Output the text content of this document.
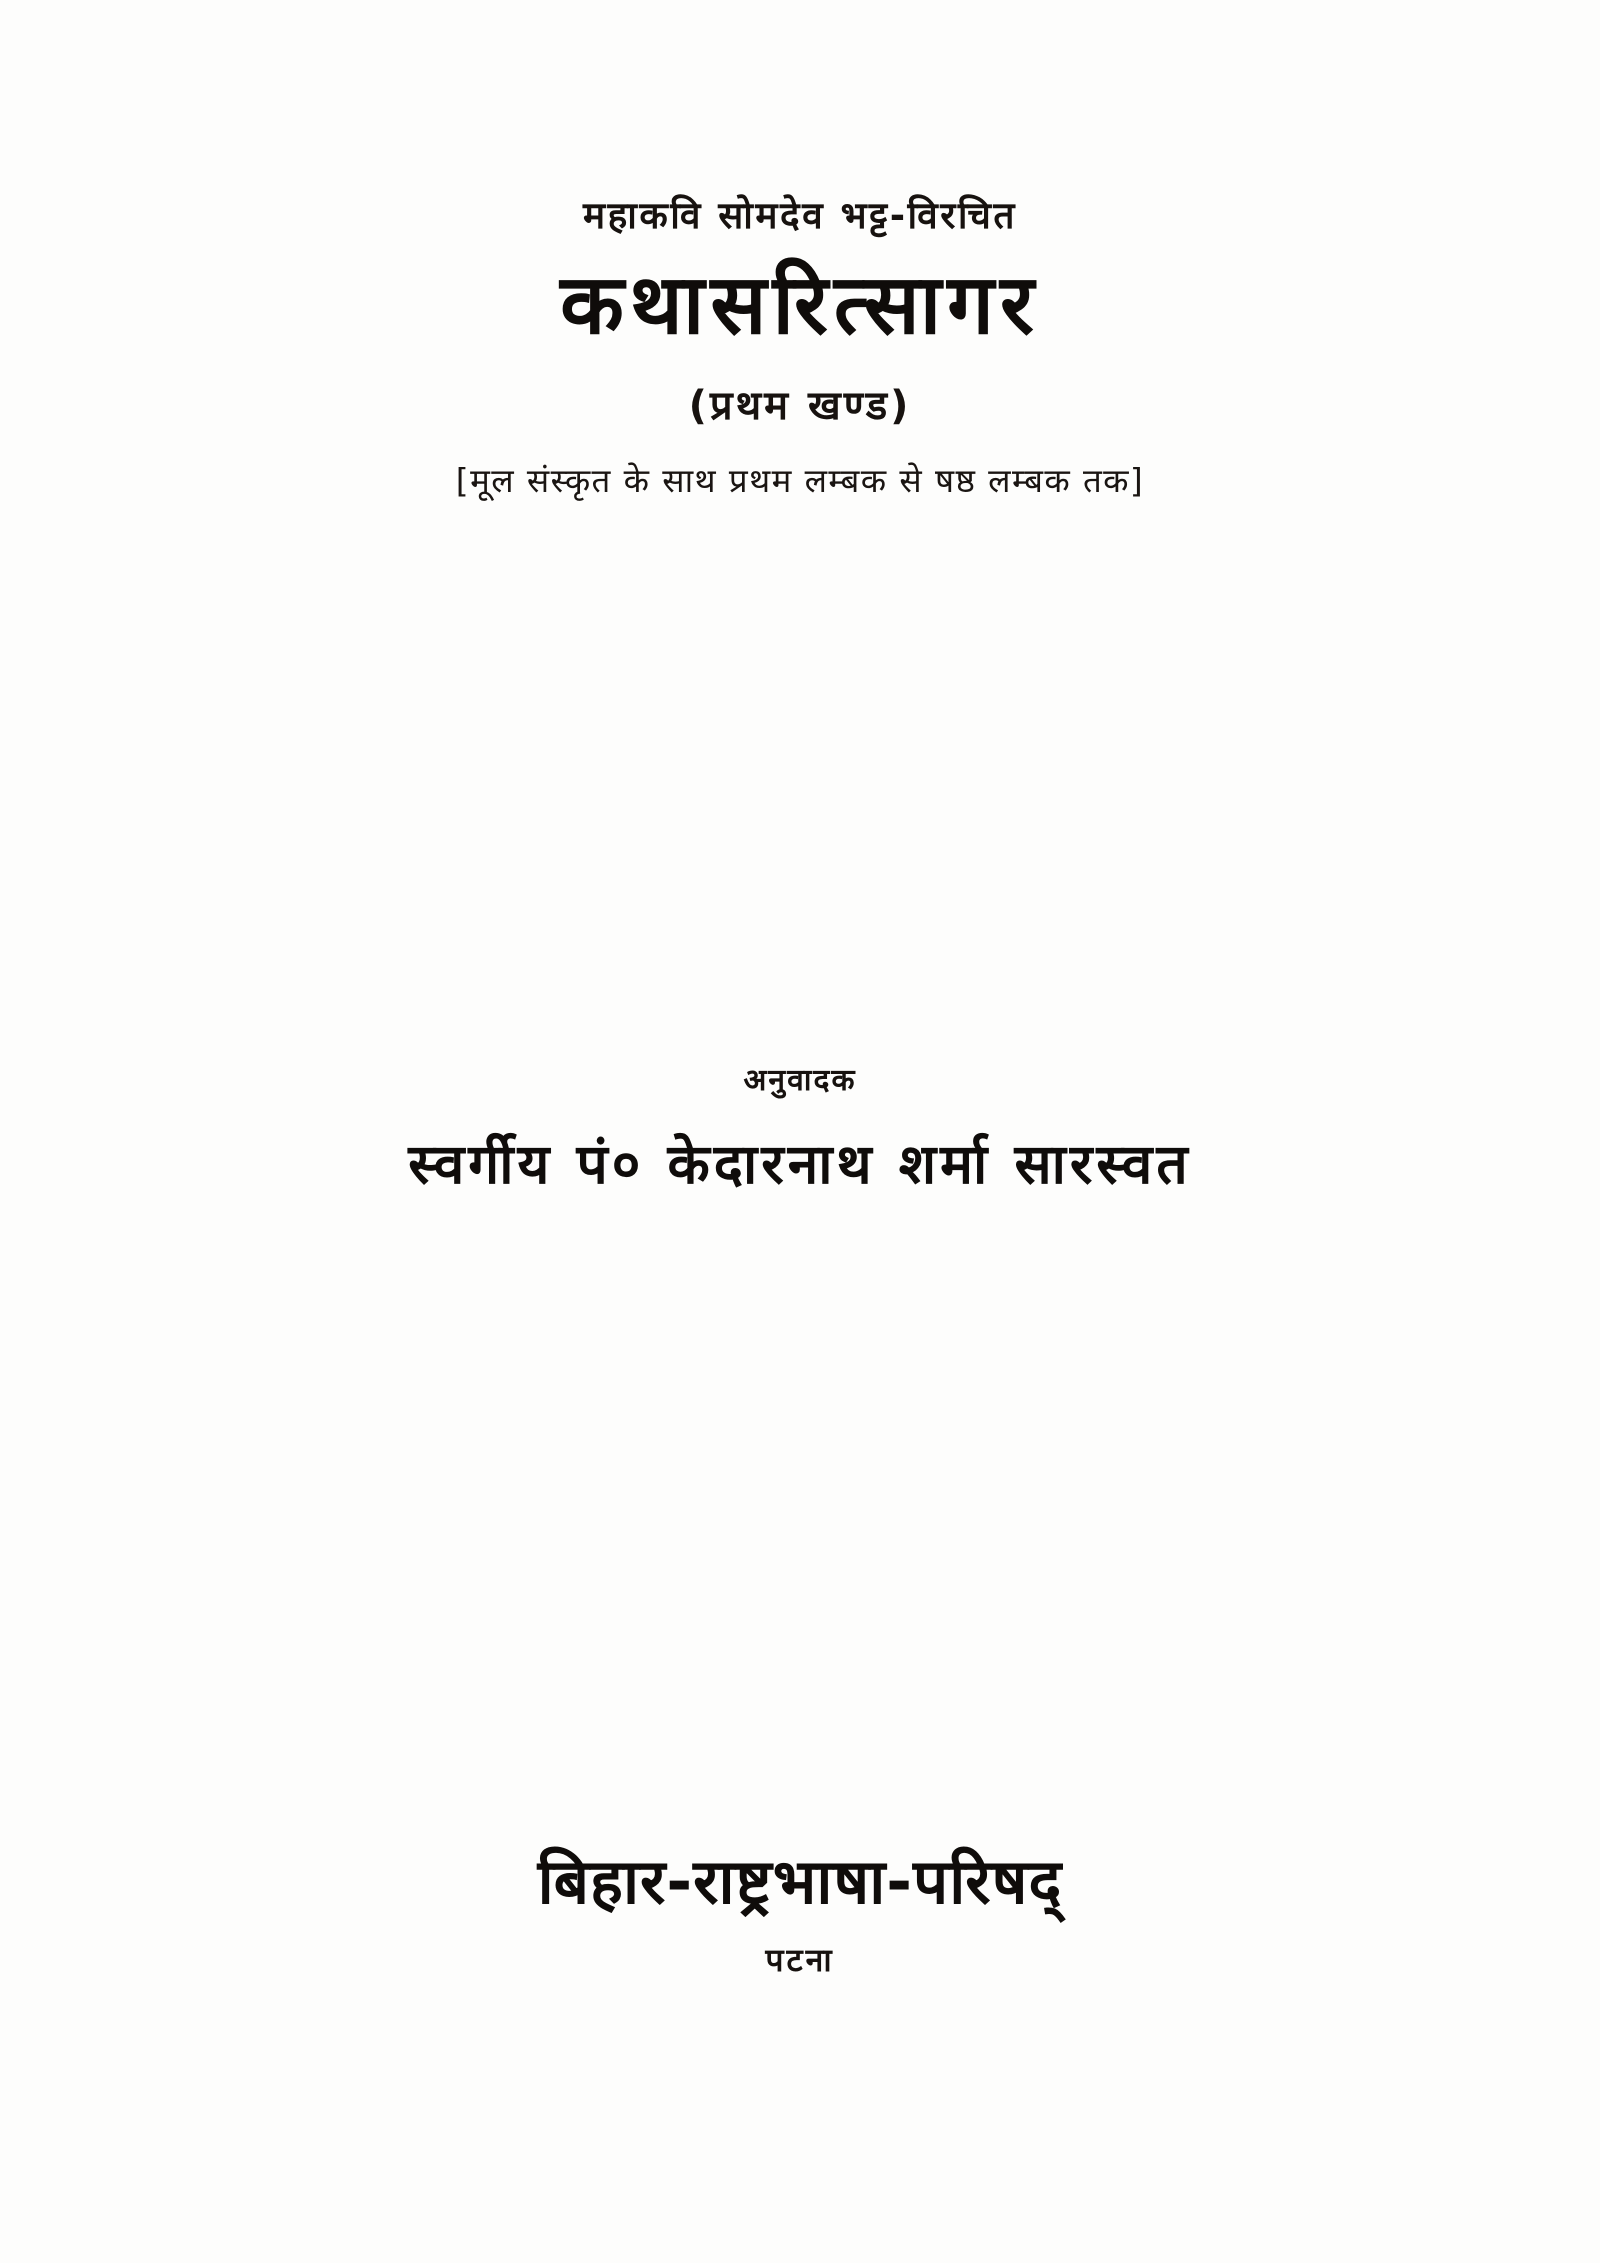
महाकवि सोमदेव भट्ट-विरचित
कथासरित्सागर
(प्रथम खण्ड)
[मूल संस्कृत के साथ प्रथम लम्बक से षष्ठ लम्बक तक]
अनुवादक
स्वर्गीय पं० केदारनाथ शर्मा सारस्वत
बिहार-राष्ट्रभाषा-परिषद्
पटना
